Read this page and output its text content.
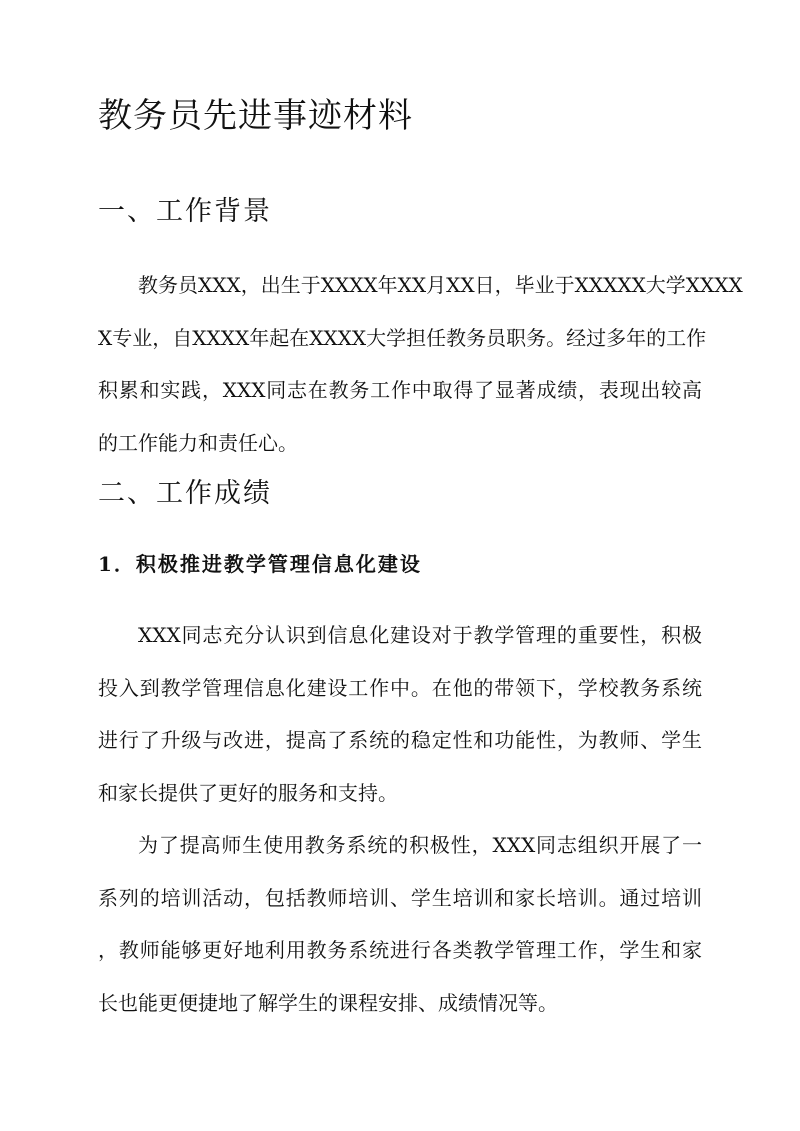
教务员先进事迹材料
一、工作背景
教务员XXX，出生于XXXX年XX月XX日，毕业于XXXXX大学XXXX
X专业，自XXXX年起在XXXX大学担任教务员职务。经过多年的工作
积累和实践，XXX同志在教务工作中取得了显著成绩，表现出较高
的工作能力和责任心。
二、工作成绩
1．积极推进教学管理信息化建设
XXX同志充分认识到信息化建设对于教学管理的重要性，积极
投入到教学管理信息化建设工作中。在他的带领下，学校教务系统
进行了升级与改进，提高了系统的稳定性和功能性，为教师、学生
和家长提供了更好的服务和支持。
为了提高师生使用教务系统的积极性，XXX同志组织开展了一
系列的培训活动，包括教师培训、学生培训和家长培训。通过培训
，教师能够更好地利用教务系统进行各类教学管理工作，学生和家
长也能更便捷地了解学生的课程安排、成绩情况等。
